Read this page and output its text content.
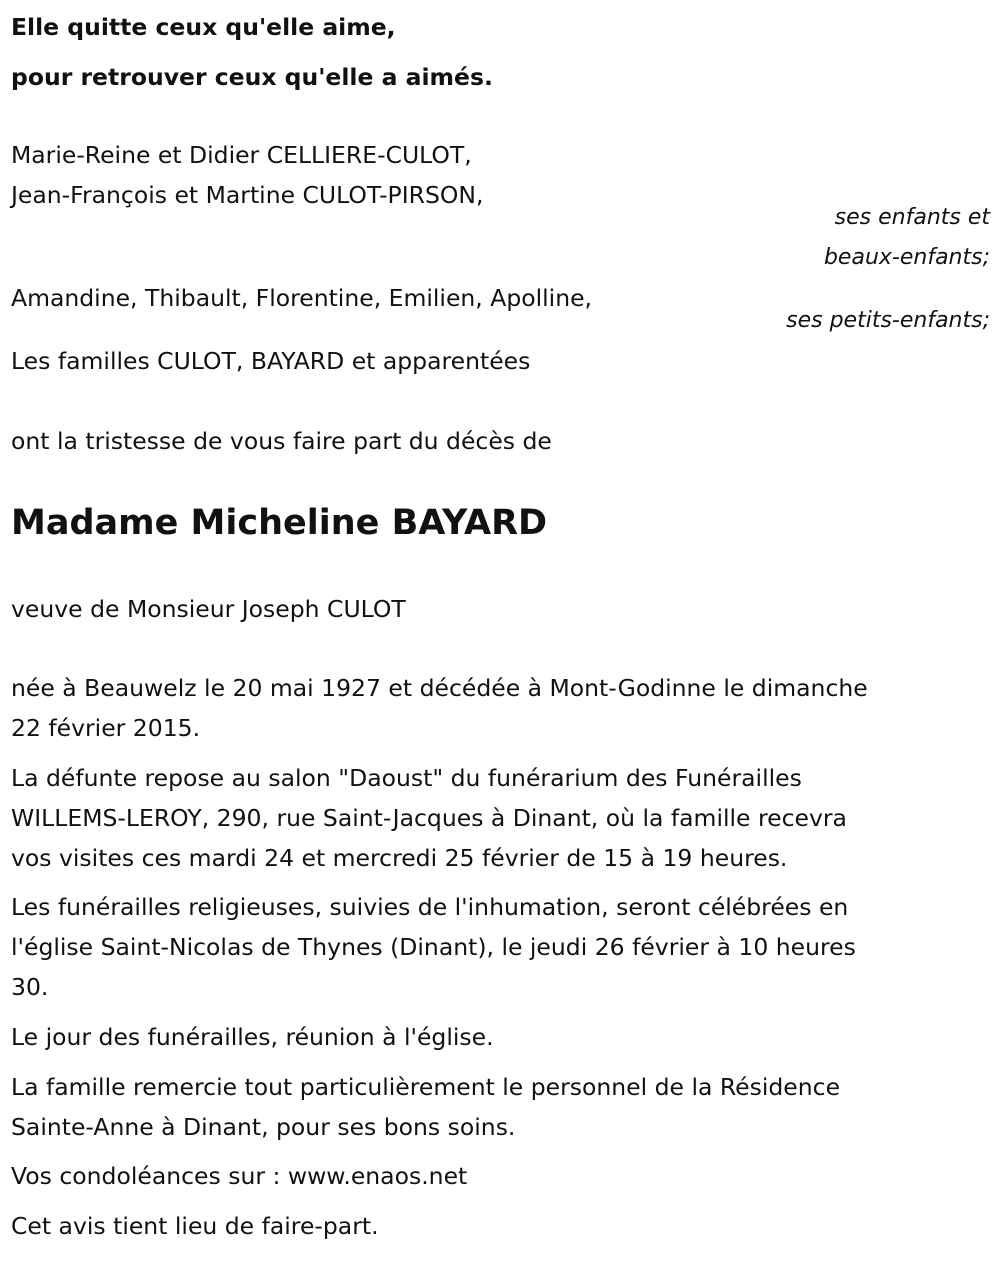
Elle quitte ceux qu'elle aime,

pour retrouver ceux qu'elle a aimés.

Marie-Reine et Didier CELLIERE-CULOT,

Jean-François et Martine CULOT-PIRSON,

ses enfants et

beaux-enfants;

Amandine, Thibault, Florentine, Emilien, Apolline,

ses petits-enfants;

Les familles CULOT, BAYARD et apparentées

ont la tristesse de vous faire part du décès de

Madame Micheline BAYARD

veuve de Monsieur Joseph CULOT

née à Beauwelz le 20 mai 1927 et décédée à Mont-Godinne le dimanche
22 février 2015.
La défunte repose au salon "Daoust" du funérarium des Funérailles
WILLEMS-LEROY, 290, rue Saint-Jacques à Dinant, où la famille recevra
vos visites ces mardi 24 et mercredi 25 février de 15 à 19 heures.
Les funérailles religieuses, suivies de l'inhumation, seront célébrées en
l'église Saint-Nicolas de Thynes (Dinant), le jeudi 26 février à 10 heures
30.

Le jour des funérailles, réunion à l'église.

La famille remercie tout particulièrement le personnel de la Résidence
Sainte-Anne à Dinant, pour ses bons soins.

Vos condoléances sur : www.enaos.net

Cet avis tient lieu de faire-part.
